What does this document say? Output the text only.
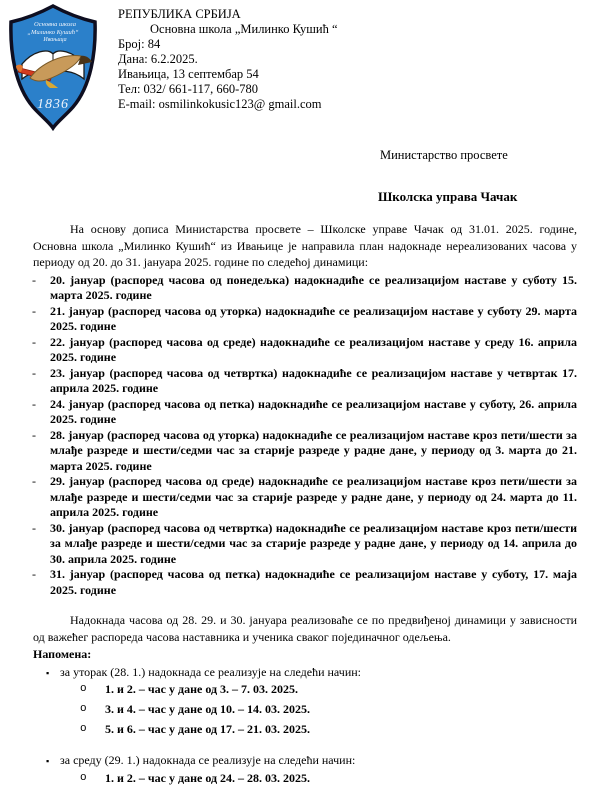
Основна школа
„Милинко Кушић“
Ивањица
1836
РЕПУБЛИКА СРБИЈА
Основна школа „Милинко Кушић “
Број: 84
Дана: 6.2.2025.
Ивањица, 13 септембар 54
Тел: 032/ 661-117, 660-780
E-mail: osmilinkokusic123@ gmail.com
Министарство просвете
Школска управа Чачак

На основу дописа Министарства просвете – Школске управе Чачак од 31.01. 2025. године, Основна школа „Милинко Кушић“ из Ивањице је направила план надокнаде нереализованих часова у периоду од 20. до 31. јануара 2025. године по следећој динамици:

- 20. јануар (распоред часова од понедељка) надокнадиће се реализацијом наставе у суботу 15. марта 2025. године
- 21. јануар (распоред часова од уторка) надокнадиће се реализацијом наставе у суботу 29. марта 2025. године
- 22. јануар (распоред часова од среде) надокнадиће се реализацијом наставе у среду 16. априла 2025. године
- 23. јануар (распоред часова од четвртка) надокнадиће се реализацијом наставе у четвртак 17. априла 2025. године
- 24. јануар (распоред часова од петка) надокнадиће се реализацијом наставе у суботу, 26. априла 2025. године
- 28. јануар (распоред часова од уторка) надокнадиће се реализацијом наставе кроз пети/шести за млађе разреде и шести/седми час за старије разреде у радне дане, у периоду од 3. марта до 21. марта 2025. године
- 29. јануар (распоред часова од среде) надокнадиће се реализацијом наставе кроз пети/шести за млађе разреде и шести/седми час за старије разреде у радне дане, у периоду од 24. марта до 11. априла 2025. године
- 30. јануар (распоред часова од четвртка) надокнадиће се реализацијом наставе кроз пети/шести за млађе разреде и шести/седми час за старије разреде у радне дане, у периоду од 14. априла до 30. априла 2025. године
- 31. јануар (распоред часова од петка) надокнадиће се реализацијом наставе у суботу, 17. маја 2025. године

Надокнада часова од 28. 29. и 30. јануара реализоваће се по предвиђеној динамици у зависности од важећег распореда часова наставника и ученика сваког појединачног одељења.

Напомена:
▪ за уторак (28. 1.) надокнада се реализује на следећи начин:
o 1. и 2. – час у дане од 3. – 7. 03. 2025.
o 3. и 4. – час у дане од 10. – 14. 03. 2025.
o 5. и 6. – час у дане од 17. – 21. 03. 2025.
▪ за среду (29. 1.) надокнада се реализује на следећи начин:
o 1. и 2. – час у дане од 24. – 28. 03. 2025.
